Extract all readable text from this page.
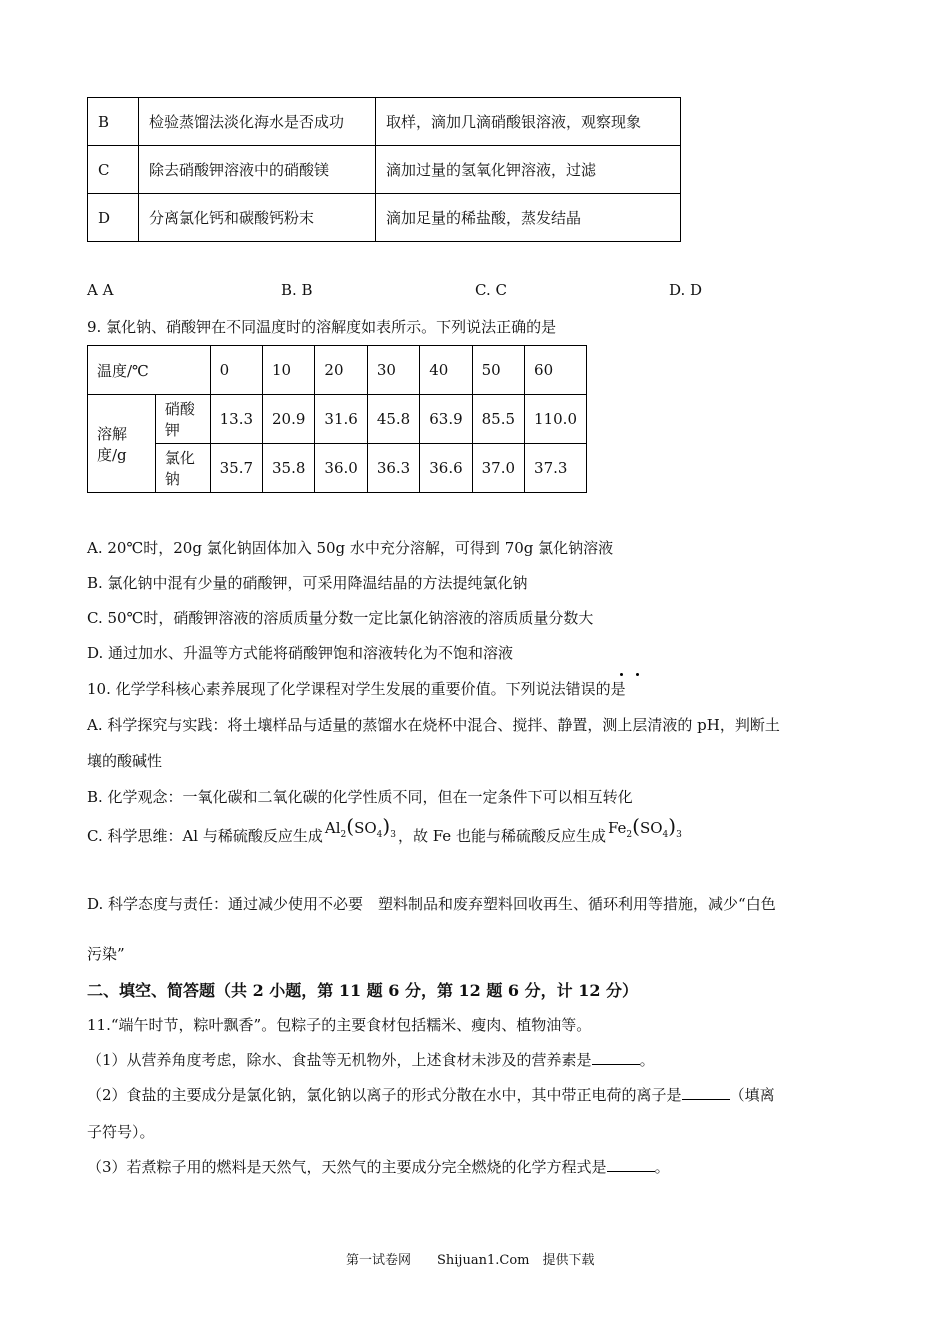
B	检验蒸馏法淡化海水是否成功	取样，滴加几滴硝酸银溶液，观察现象
C	除去硝酸钾溶液中的硝酸镁	滴加过量的氢氧化钾溶液，过滤
D	分离氯化钙和碳酸钙粉末	滴加足量的稀盐酸，蒸发结晶
A A	B. B	C. C	D. D
9. 氯化钠、硝酸钾在不同温度时的溶解度如表所示。下列说法正确的是
温度/℃		0	10	20	30	40	50	60
溶解度/g	硝酸钾	13.3	20.9	31.6	45.8	63.9	85.5	110.0
	氯化钠	35.7	35.8	36.0	36.3	36.6	37.0	37.3
A. 20℃时，20g 氯化钠固体加入 50g 水中充分溶解，可得到 70g 氯化钠溶液
B. 氯化钠中混有少量的硝酸钾，可采用降温结晶的方法提纯氯化钠
C. 50℃时，硝酸钾溶液的溶质质量分数一定比氯化钠溶液的溶质质量分数大
D. 通过加水、升温等方式能将硝酸钾饱和溶液转化为不饱和溶液
10. 化学学科核心素养展现了化学课程对学生发展的重要价值。下列说法错误的是
A. 科学探究与实践：将土壤样品与适量的蒸馏水在烧杯中混合、搅拌、静置，测上层清液的 pH，判断土
壤的酸碱性
B. 化学观念：一氧化碳和二氧化碳的化学性质不同，但在一定条件下可以相互转化
C. 科学思维：Al 与稀硫酸反应生成 $Al_2(SO_4)_3$ ，故 Fe 也能与稀硫酸反应生成 $Fe_2(SO_4)_3$
D. 科学态度与责任：通过减少使用不必要　塑料制品和废弃塑料回收再生、循环利用等措施，减少“白色
污染”
二、填空、简答题（共 2 小题，第 11 题 6 分，第 12 题 6 分，计 12 分）
11.“端午时节，粽叶飘香”。包粽子的主要食材包括糯米、瘦肉、植物油等。
（1）从营养角度考虑，除水、食盐等无机物外，上述食材未涉及的营养素是	。
（2）食盐的主要成分是氯化钠，氯化钠以离子的形式分散在水中，其中带正电荷的离子是	（填离
子符号）。
（3）若煮粽子用的燃料是天然气，天然气的主要成分完全燃烧的化学方程式是	。
第一试卷网　　Shijuan1.Com　提供下载
